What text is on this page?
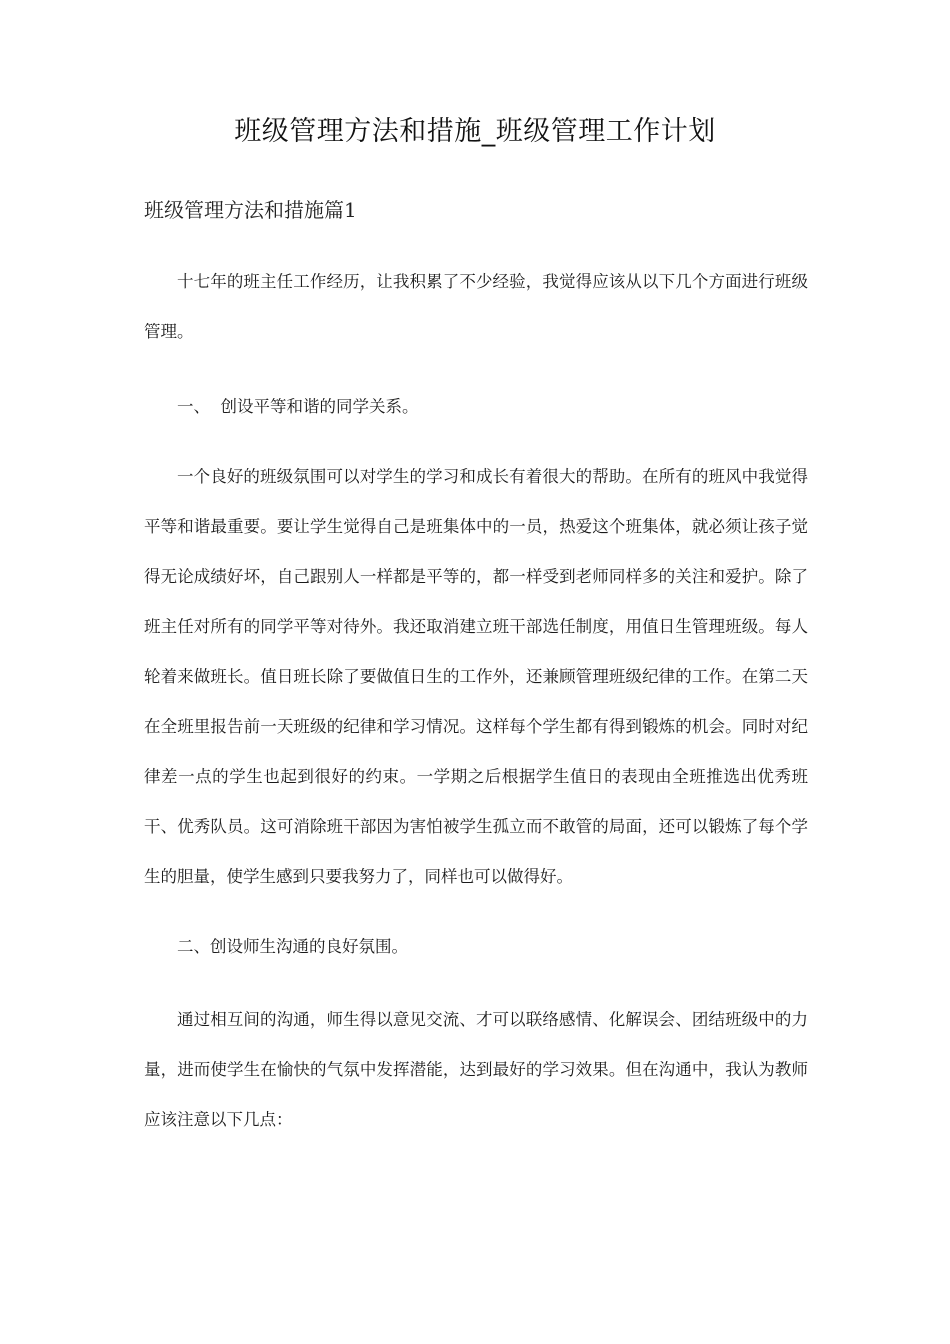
班级管理方法和措施_班级管理工作计划
班级管理方法和措施篇1

十七年的班主任工作经历，让我积累了不少经验，我觉得应该从以下几个方面进行班级管理。

一、  创设平等和谐的同学关系。

一个良好的班级氛围可以对学生的学习和成长有着很大的帮助。在所有的班风中我觉得平等和谐最重要。要让学生觉得自己是班集体中的一员，热爱这个班集体，就必须让孩子觉得无论成绩好坏，自己跟别人一样都是平等的，都一样受到老师同样多的关注和爱护。除了班主任对所有的同学平等对待外。我还取消建立班干部选任制度，用值日生管理班级。每人轮着来做班长。值日班长除了要做值日生的工作外，还兼顾管理班级纪律的工作。在第二天在全班里报告前一天班级的纪律和学习情况。这样每个学生都有得到锻炼的机会。同时对纪律差一点的学生也起到很好的约束。一学期之后根据学生值日的表现由全班推选出优秀班干、优秀队员。这可消除班干部因为害怕被学生孤立而不敢管的局面，还可以锻炼了每个学生的胆量，使学生感到只要我努力了，同样也可以做得好。

二、创设师生沟通的良好氛围。

通过相互间的沟通，师生得以意见交流、才可以联络感情、化解误会、团结班级中的力量，进而使学生在愉快的气氛中发挥潜能，达到最好的学习效果。但在沟通中，我认为教师应该注意以下几点：
